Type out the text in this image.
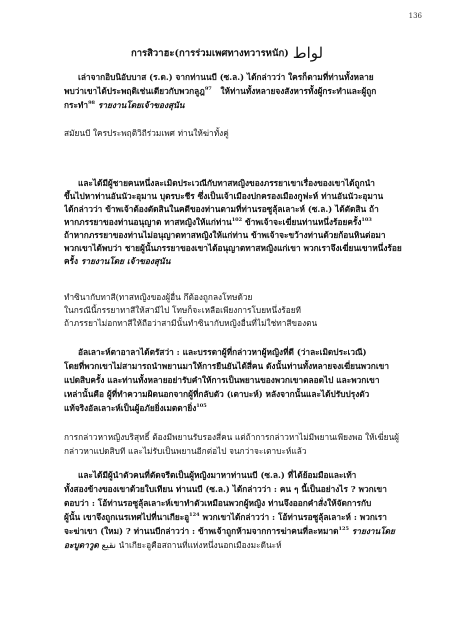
136
การสิวาฮะ(การร่วมเพศทางทวารหนัก) لواط
เล่าจากอิบนิอับบาส (ร.ด.) จากท่านนบี (ซ.ล.) ได้กล่าวว่า ใครก็ตามที่ท่านทั้งหลาย
พบว่าเขาได้ประพฤติเช่นเดียวกับพวกลูฎ$^{97}$ ให้ท่านทั้งหลายจงสังหารทั้งผู้กระทำและผู้ถูก
กระทำ$^{98}$ รายงานโดยเจ้าของสุนัน
สมัยนบี ใครประพฤติวิถีร่วมเพศ ท่านให้ฆ่าทั้งคู่
และได้มีผู้ชายคนหนึ่งละเมิดประเวณีกับทาสหญิงของภรรยาเขาเรื่องของเขาได้ถูกนำ
ขึ้นไปหาท่านอันนัวะอุมาน บุตรบะชีร ซึ่งเป็นเจ้าเมืองปกครองเมืองกูฟะห์ ท่านอันนัวะอุมาน
ได้กล่าวว่า ข้าพเจ้าต้องตัดสินในคดีของท่านตามที่ท่านรอซูลุ้ลเลาะห์ (ซ.ล.) ได้ตัดสิน ถ้า
หากภรรยาของท่านอนุญาต ทาสหญิงให้แก่ท่าน$^{102}$ ข้าพเจ้าจะเฆี่ยนท่านหนึ่งร้อยครั้ง$^{103}$
ถ้าหากภรรยาของท่านไม่อนุญาตทาสหญิงให้แก่ท่าน ข้าพเจ้าจะขว้างท่านด้วยก้อนหินต่อมา
พวกเขาได้พบว่า ชายผู้นั้นภรรยาของเขาได้อนุญาตทาสหญิงแก่เขา พวกเราจึงเฆี่ยนเขาหนึ่งร้อย
ครั้ง รายงานโดย เจ้าของสุนัน
ทำซินากับทาสี(ทาสหญิงของผู้อื่น กึต้องถูกลงโทษด้วย
ในกรณีนี้กรรยาทาสีให้สามีไป โทษก็จะเหลือเพียงการโบยหนึ่งร้อยที
ถ้าภรรยาไม่อกทาสีให้ถือว่าสามีนั้นทำซินากับหญิงอื่นที่ไม่ใช่ทาสีของตน
อัลเลาะห์ตาอาลาได้ตรัสว่า : และบรรดาผู้ที่กล่าวหาผู้หญิงที่ดี (ว่าละเมิดประเวณี)
โดยที่พวกเขาไม่สามารถนำพยานมาให้การยืนยันได้สี่คน ดังนั้นท่านทั้งหลายจงเฆี่ยนพวกเขา
แปดสิบครั้ง และท่านทั้งหลายอย่ารับคำให้การเป็นพยานของพวกเขาตลอดไป และพวกเขา
เหล่านั้นคือ ผู้ที่ทำความผิดนอกจากผู้ที่กลับตัว (เตาบะห์) หลังจากนั้นและได้ปรับปรุงตัว
แท้จริงอัลเลาะห์เป็นผู้อภัยยิ่งเมตตายิ่ง$^{105}$
การกล่าวหาหญิงบริสุทธิ์ ต้องมีพยานรับรองสี่คน แต่ถ้าการกล่าวหาไม่มีพยานเพียงพอ ให้เฆี่ยนผู้
กล่าวหาแปดสิบที และไม่รับเป็นพยานอีกต่อไป จนกว่าจะเตาบะห์แล้ว
และได้มีผู้นำตัวคนที่ตัดจรีตเป็นผู้หญิงมาหาท่านนบี (ซ.ล.) ที่ได้ย้อมมือและเท้า
ทั้งสองข้างของเขาด้วยใบเทียน ท่านนบี (ซ.ล.) ได้กล่าวว่า : คน ๆ นี้เป็นอย่างไร ? พวกเขา
ตอบว่า : โอ้ท่านรอซูลุ้ลเลาะห์เขาทำตัวเหมือนพวกผู้หญิง ท่านจึงออกคำสั่งให้จัดการกับ
ผู้นั้น เขาจึงถูกเนรเทศไปที่นาเกียะอู$^{124}$ พวกเขาได้กล่าวว่า : โอ้ท่านรอซูลุ้ลเลาะห์ : พวกเรา
จะฆ่าเขา (ใหม) ? ท่านนบีกล่าวว่า : ข้าพเจ้าถูกห้ามจากการฆ่าคนที่ละหมาด$^{125}$ รายงานโดย
อะบูดาวูด نقيع นำเกียะอูคือสถานที่แห่งหนึ่งนอกเมืองมะดีนะห์
